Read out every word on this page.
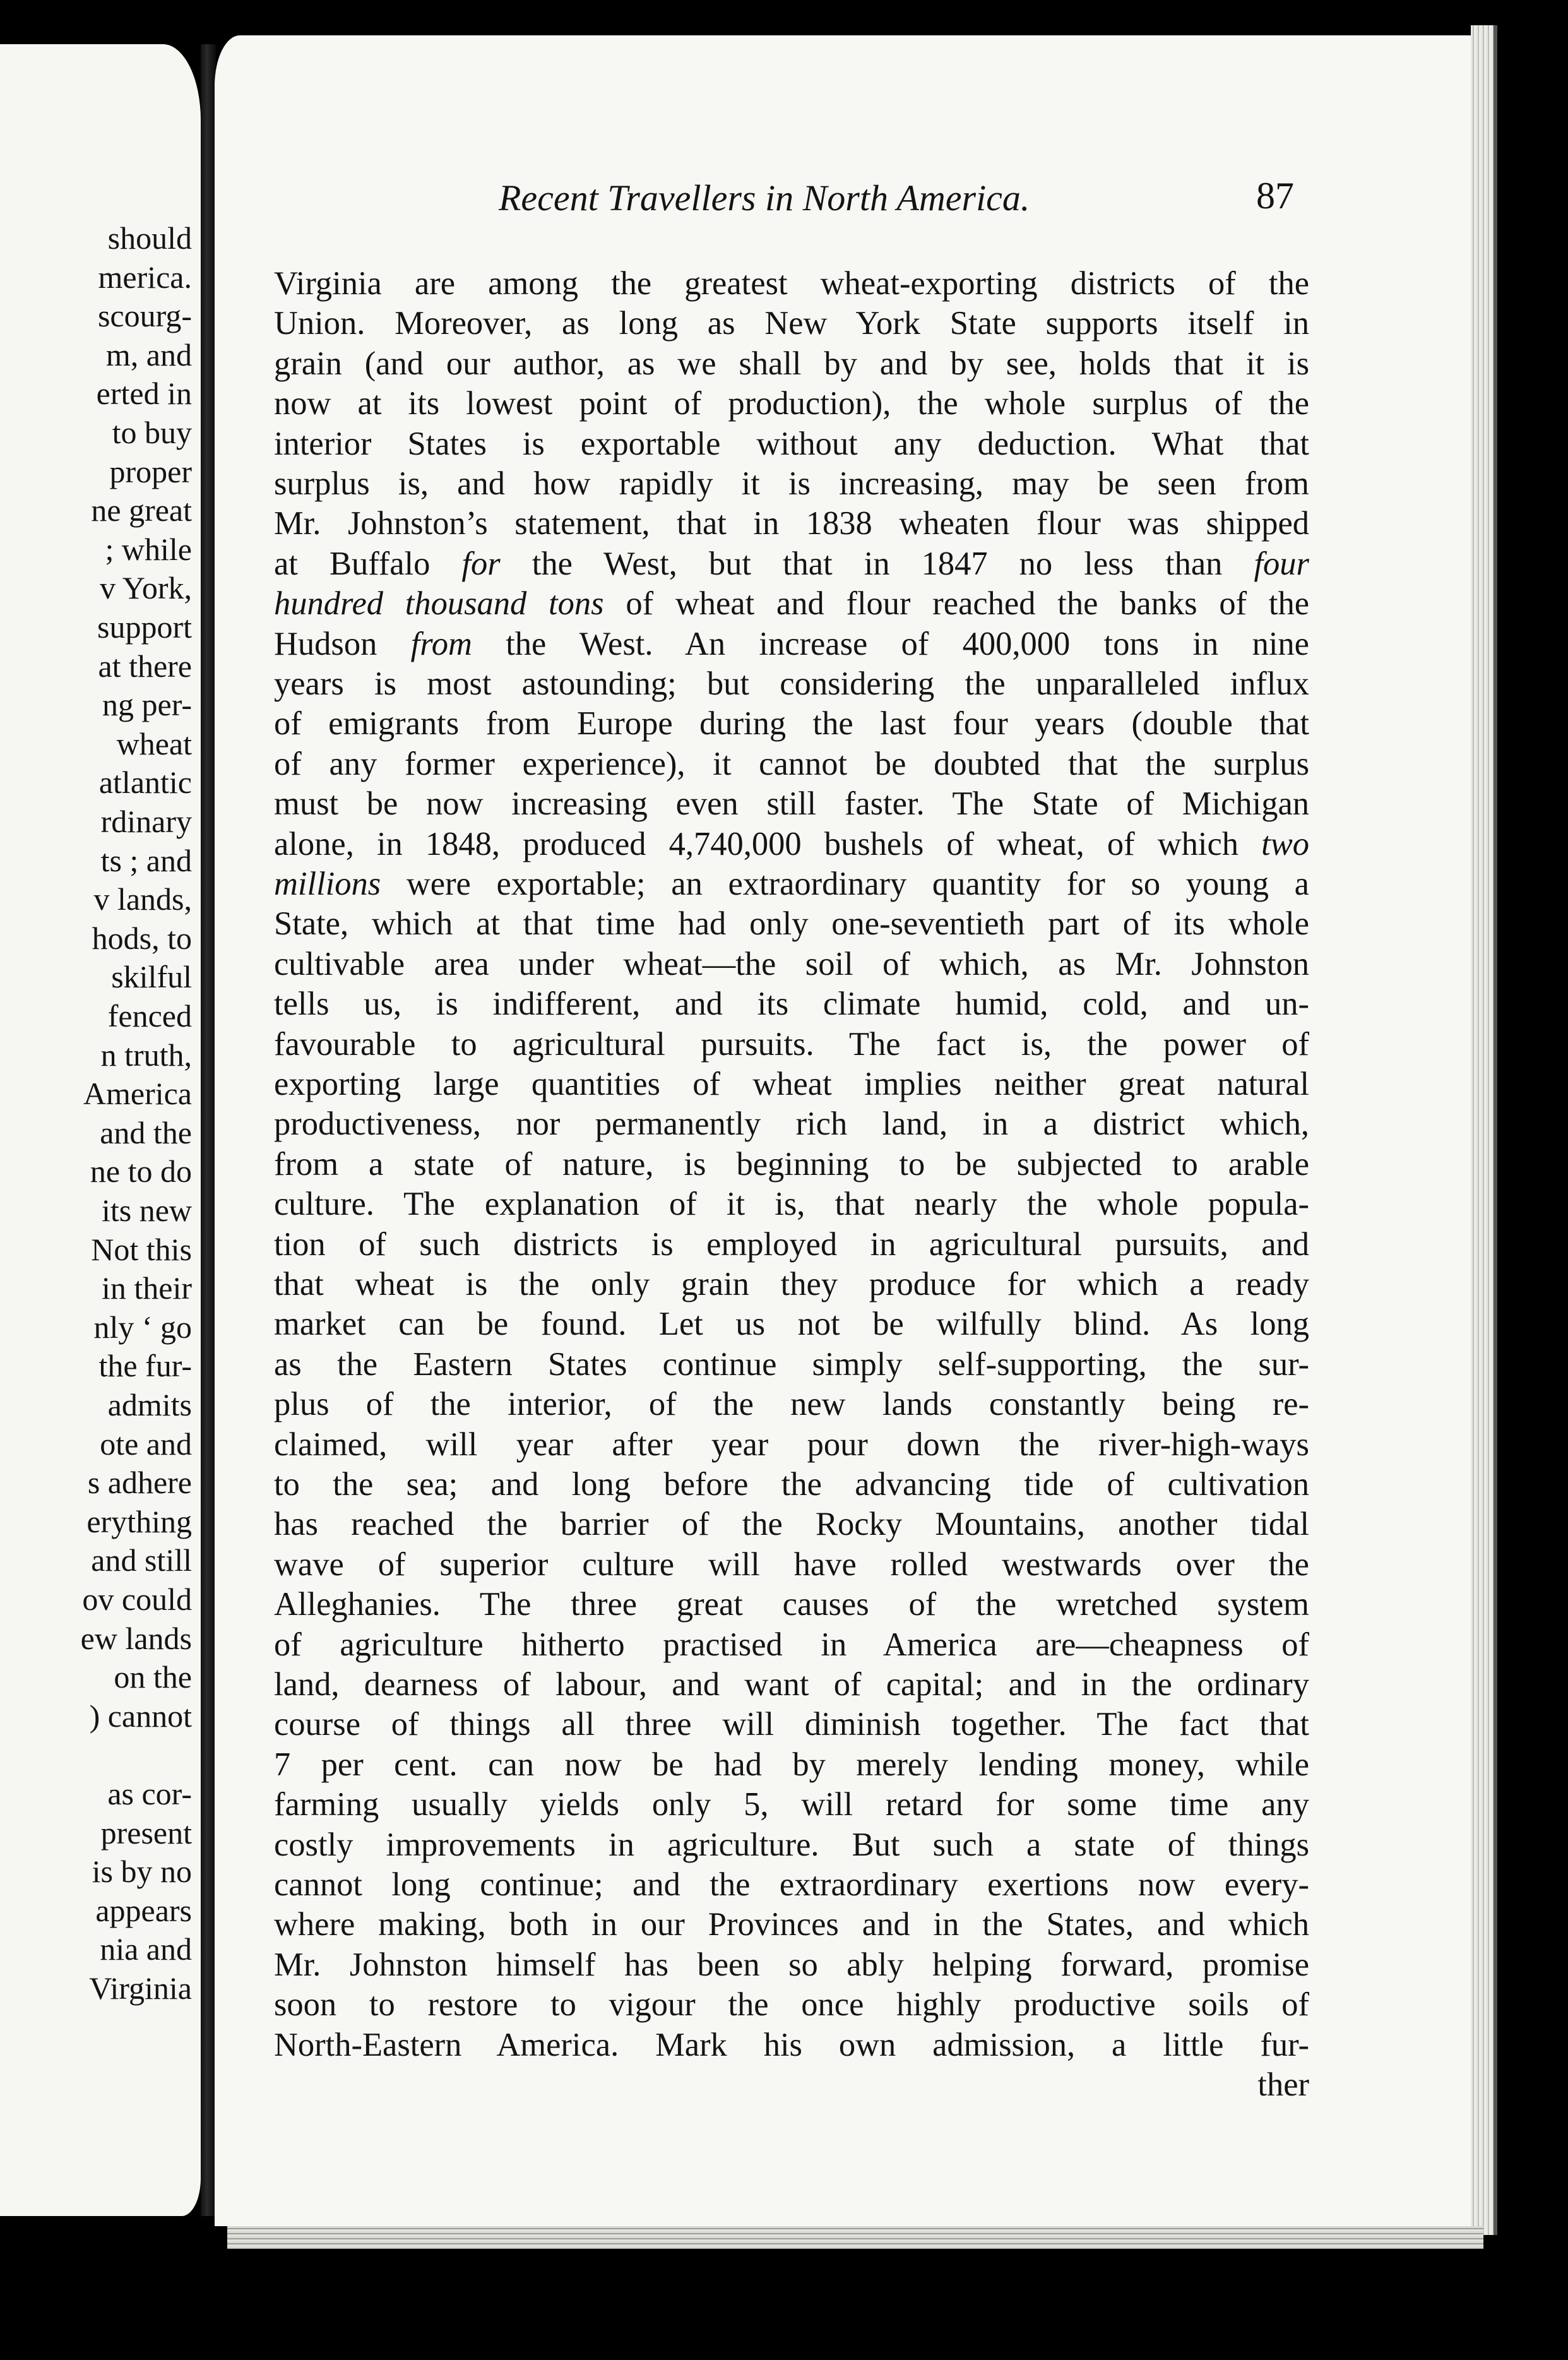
should
merica.
scourg-
m, and
erted in
to buy
proper
ne great
; while
v York,
support
at there
ng per-
wheat
atlantic
rdinary
ts ; and
v lands,
hods, to
skilful
fenced
n truth,
America
and the
ne to do
its new
Not this
in their
nly ‘ go
the fur-
admits
ote and
s adhere
erything
and still
ov could
ew lands
on the
) cannot
as cor-
present
is by no
appears
nia and
Virginia
Recent Travellers in North America.	87
Virginia are among the greatest wheat-exporting districts of the
Union. Moreover, as long as New York State supports itself in
grain (and our author, as we shall by and by see, holds that it is
now at its lowest point of production), the whole surplus of the
interior States is exportable without any deduction. What that
surplus is, and how rapidly it is increasing, may be seen from
Mr. Johnston’s statement, that in 1838 wheaten flour was shipped
at Buffalo for the West, but that in 1847 no less than four
hundred thousand tons of wheat and flour reached the banks of the
Hudson from the West. An increase of 400,000 tons in nine
years is most astounding; but considering the unparalleled influx
of emigrants from Europe during the last four years (double that
of any former experience), it cannot be doubted that the surplus
must be now increasing even still faster. The State of Michigan
alone, in 1848, produced 4,740,000 bushels of wheat, of which two
millions were exportable; an extraordinary quantity for so young a
State, which at that time had only one-seventieth part of its whole
cultivable area under wheat—the soil of which, as Mr. Johnston
tells us, is indifferent, and its climate humid, cold, and un-
favourable to agricultural pursuits. The fact is, the power of
exporting large quantities of wheat implies neither great natural
productiveness, nor permanently rich land, in a district which,
from a state of nature, is beginning to be subjected to arable
culture. The explanation of it is, that nearly the whole popula-
tion of such districts is employed in agricultural pursuits, and
that wheat is the only grain they produce for which a ready
market can be found. Let us not be wilfully blind. As long
as the Eastern States continue simply self-supporting, the sur-
plus of the interior, of the new lands constantly being re-
claimed, will year after year pour down the river-high-ways
to the sea; and long before the advancing tide of cultivation
has reached the barrier of the Rocky Mountains, another tidal
wave of superior culture will have rolled westwards over the
Alleghanies. The three great causes of the wretched system
of agriculture hitherto practised in America are—cheapness of
land, dearness of labour, and want of capital; and in the ordinary
course of things all three will diminish together. The fact that
7 per cent. can now be had by merely lending money, while
farming usually yields only 5, will retard for some time any
costly improvements in agriculture. But such a state of things
cannot long continue; and the extraordinary exertions now every-
where making, both in our Provinces and in the States, and which
Mr. Johnston himself has been so ably helping forward, promise
soon to restore to vigour the once highly productive soils of
North-Eastern America. Mark his own admission, a little fur-
ther
